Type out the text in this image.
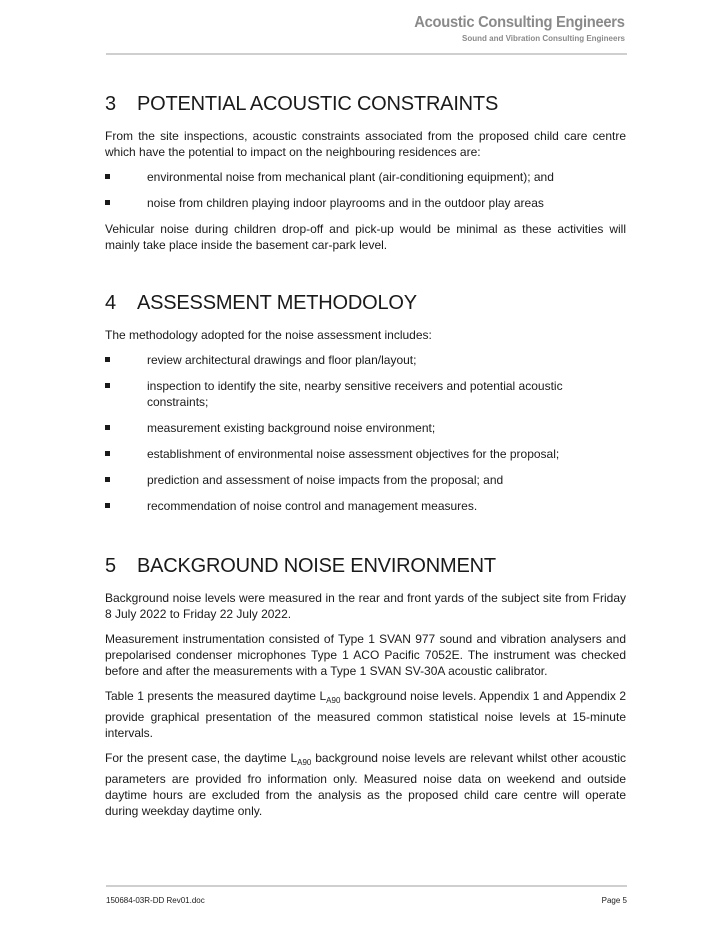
Acoustic Consulting Engineers
Sound and Vibration Consulting Engineers
3 POTENTIAL ACOUSTIC CONSTRAINTS

From the site inspections, acoustic constraints associated from the proposed child care centre which have the potential to impact on the neighbouring residences are:

environmental noise from mechanical plant (air-conditioning equipment); and
noise from children playing indoor playrooms and in the outdoor play areas

Vehicular noise during children drop-off and pick-up would be minimal as these activities will mainly take place inside the basement car-park level.

4 ASSESSMENT METHODOLOY

The methodology adopted for the noise assessment includes:

review architectural drawings and floor plan/layout;
inspection to identify the site, nearby sensitive receivers and potential acoustic constraints;
measurement existing background noise environment;
establishment of environmental noise assessment objectives for the proposal;
prediction and assessment of noise impacts from the proposal; and
recommendation of noise control and management measures.
5 BACKGROUND NOISE ENVIRONMENT

Background noise levels were measured in the rear and front yards of the subject site from Friday 8 July 2022 to Friday 22 July 2022.

Measurement instrumentation consisted of Type 1 SVAN 977 sound and vibration analysers and prepolarised condenser microphones Type 1 ACO Pacific 7052E. The instrument was checked before and after the measurements with a Type 1 SVAN SV-30A acoustic calibrator.

Table 1 presents the measured daytime $L_{A90}$ background noise levels. Appendix 1 and Appendix 2 provide graphical presentation of the measured common statistical noise levels at 15-minute intervals.

For the present case, the daytime $L_{A90}$ background noise levels are relevant whilst other acoustic parameters are provided fro information only. Measured noise data on weekend and outside daytime hours are excluded from the analysis as the proposed child care centre will operate during weekday daytime only.

150684-03R-DD Rev01.doc	Page 5
